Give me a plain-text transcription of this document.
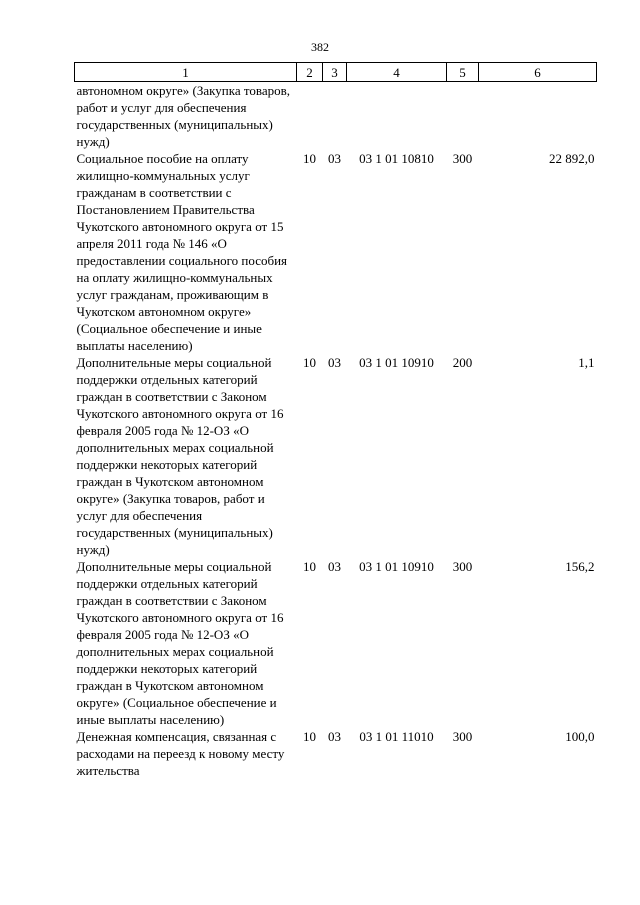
382
1	2	3	4	5	6
автономном округе» (Закупка товаров, работ и услуг для обеспечения государственных (муниципальных) нужд)					
Социальное пособие на оплату жилищно-коммунальных услуг гражданам в соответствии с Постановлением Правительства Чукотского автономного округа от 15 апреля 2011 года № 146 «О предоставлении социального пособия на оплату жилищно-коммунальных услуг гражданам, проживающим в Чукотском автономном округе» (Социальное обеспечение и иные выплаты населению)	10	03	03 1 01 10810	300	22 892,0
Дополнительные меры социальной поддержки отдельных категорий граждан в соответствии с Законом Чукотского автономного округа от 16 февраля 2005 года № 12-ОЗ «О дополнительных мерах социальной поддержки некоторых категорий граждан в Чукотском автономном округе» (Закупка товаров, работ и услуг для обеспечения государственных (муниципальных) нужд)	10	03	03 1 01 10910	200	1,1
Дополнительные меры социальной поддержки отдельных категорий граждан в соответствии с Законом Чукотского автономного округа от 16 февраля 2005 года № 12-ОЗ «О дополнительных мерах социальной поддержки некоторых категорий граждан в Чукотском автономном округе» (Социальное обеспечение и иные выплаты населению)	10	03	03 1 01 10910	300	156,2
Денежная компенсация, связанная с расходами на переезд к новому месту жительства	10	03	03 1 01 11010	300	100,0
